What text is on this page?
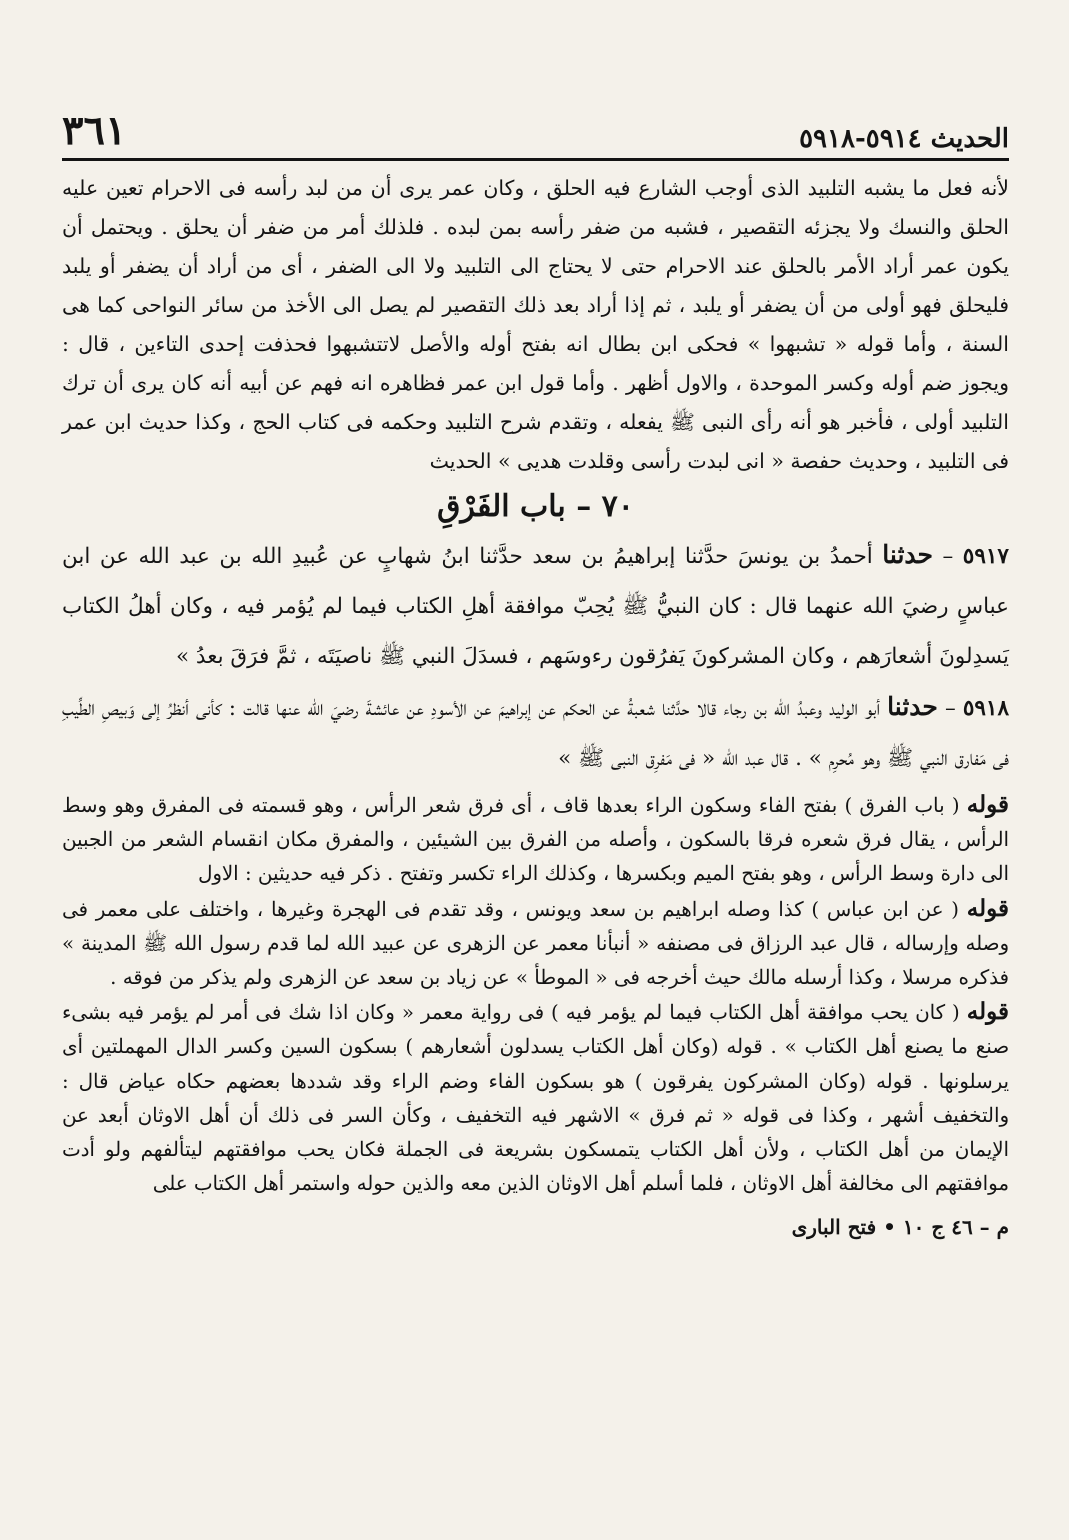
الحديث ٥٩١٤-٥٩١٨
٣٦١

لأنه فعل ما يشبه التلبيد الذى أوجب الشارع فيه الحلق ، وكان عمر يرى أن من لبد رأسه فى الاحرام تعين عليه الحلق والنسك ولا يجزئه التقصير ، فشبه من ضفر رأسه بمن لبده . فلذلك أمر من ضفر أن يحلق . ويحتمل أن يكون عمر أراد الأمر بالحلق عند الاحرام حتى لا يحتاج الى التلبيد ولا الى الضفر ، أى من أراد أن يضفر أو يلبد فليحلق فهو أولى من أن يضفر أو يلبد ، ثم إذا أراد بعد ذلك التقصير لم يصل الى الأخذ من سائر النواحى كما هى السنة ، وأما قوله « تشبهوا » فحكى ابن بطال انه بفتح أوله والأصل لاتتشبهوا فحذفت إحدى التاءين ، قال : ويجوز ضم أوله وكسر الموحدة ، والاول أظهر . وأما قول ابن عمر فظاهره انه فهم عن أبيه أنه كان يرى أن ترك التلبيد أولى ، فأخبر هو أنه رأى النبى ﷺ يفعله ، وتقدم شرح التلبيد وحكمه فى كتاب الحج ، وكذا حديث ابن عمر فى التلبيد ، وحديث حفصة « انى لبدت رأسى وقلدت هديى » الحديث

٧٠ – باب الفَرْقِ

٥٩١٧ – حدثنا أحمدُ بن يونسَ حدَّثنا إبراهيمُ بن سعد حدَّثنا ابنُ شهابٍ عن عُبيدِ الله بن عبد الله عن ابن عباسٍ رضيَ الله عنهما قال : كان النبيُّ ﷺ يُحِبّ موافقة أهلِ الكتاب فيما لم يُؤمر فيه ، وكان أهلُ الكتاب يَسدِلونَ أشعارَهم ، وكان المشركونَ يَفرُقون رءوسَهم ، فسدَلَ النبي ﷺ ناصيَتَه ، ثمَّ فرَقَ بعدُ »

٥٩١٨ – حدثنا أبو الوليد وعبدُ الله بن رجاء قالا حدَّثنا شعبةُ عن الحكم عن إبراهيمَ عن الأسودِ عن عائشةَ رضيَ الله عنها قالت : كأنى أنظرُ إلى وَبيصِ الطِّيبِ فى مَفارق النبي ﷺ وهو مُحرِم » . قال عبد الله « فى مَفرِق النبى ﷺ »

قوله ( باب الفرق ) بفتح الفاء وسكون الراء بعدها قاف ، أى فرق شعر الرأس ، وهو قسمته فى المفرق وهو وسط الرأس ، يقال فرق شعره فرقا بالسكون ، وأصله من الفرق بين الشيئين ، والمفرق مكان انقسام الشعر من الجبين الى دارة وسط الرأس ، وهو بفتح الميم وبكسرها ، وكذلك الراء تكسر وتفتح . ذكر فيه حديثين : الاول

قوله ( عن ابن عباس ) كذا وصله ابراهيم بن سعد ويونس ، وقد تقدم فى الهجرة وغيرها ، واختلف على معمر فى وصله وإرساله ، قال عبد الرزاق فى مصنفه « أنبأنا معمر عن الزهرى عن عبيد الله لما قدم رسول الله ﷺ المدينة » فذكره مرسلا ، وكذا أرسله مالك حيث أخرجه فى « الموطأ » عن زياد بن سعد عن الزهرى ولم يذكر من فوقه .

قوله ( كان يحب موافقة أهل الكتاب فيما لم يؤمر فيه ) فى رواية معمر « وكان اذا شك فى أمر لم يؤمر فيه بشىء صنع ما يصنع أهل الكتاب » . قوله (وكان أهل الكتاب يسدلون أشعارهم ) بسكون السين وكسر الدال المهملتين أى يرسلونها . قوله (وكان المشركون يفرقون ) هو بسكون الفاء وضم الراء وقد شددها بعضهم حكاه عياض قال : والتخفيف أشهر ، وكذا فى قوله « ثم فرق » الاشهر فيه التخفيف ، وكأن السر فى ذلك أن أهل الاوثان أبعد عن الإيمان من أهل الكتاب ، ولأن أهل الكتاب يتمسكون بشريعة فى الجملة فكان يحب موافقتهم ليتألفهم ولو أدت موافقتهم الى مخالفة أهل الاوثان ، فلما أسلم أهل الاوثان الذين معه والذين حوله واستمر أهل الكتاب على

م – ٤٦ ج ١٠ • فتح البارى
